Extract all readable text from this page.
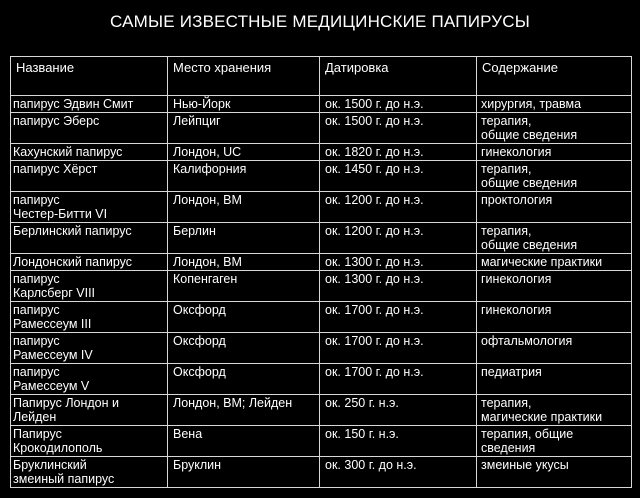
САМЫЕ ИЗВЕСТНЫЕ МЕДИЦИНСКИЕ ПАПИРУСЫ
Название	Место хранения	Датировка	Содержание
папирус Эдвин Смит	Нью-Йорк	ок. 1500 г. до н.э.	хирургия, травма
папирус Эберс	Лейпциг	ок. 1500 г. до н.э.	терапия,
общие сведения
Кахунский папирус	Лондон, UC	ок. 1820 г. до н.э.	гинекология
папирус Хёрст	Калифорния	ок. 1450 г. до н.э.	терапия,
общие сведения
папирус
Честер-Битти VI	Лондон, BM	ок. 1200 г. до н.э.	проктология
Берлинский папирус	Берлин	ок. 1200 г. до н.э.	терапия,
общие сведения
Лондонский папирус	Лондон, BM	ок. 1300 г. до н.э.	магические практики
папирус
Карлсберг VIII	Копенгаген	ок. 1300 г. до н.э.	гинекология
папирус
Рамессеум III	Оксфорд	ок. 1700 г. до н.э.	гинекология
папирус
Рамессеум IV	Оксфорд	ок. 1700 г. до н.э.	офтальмология
папирус
Рамессеум V	Оксфорд	ок. 1700 г. до н.э.	педиатрия
Папирус Лондон и
Лейден	Лондон, BM; Лейден	ок. 250 г. н.э.	терапия,
магические практики
Папирус
Крокодилополь	Вена	ок. 150 г. н.э.	терапия, общие
сведения
Бруклинский
змеиный папирус	Бруклин	ок. 300 г. до н.э.	змеиные укусы
